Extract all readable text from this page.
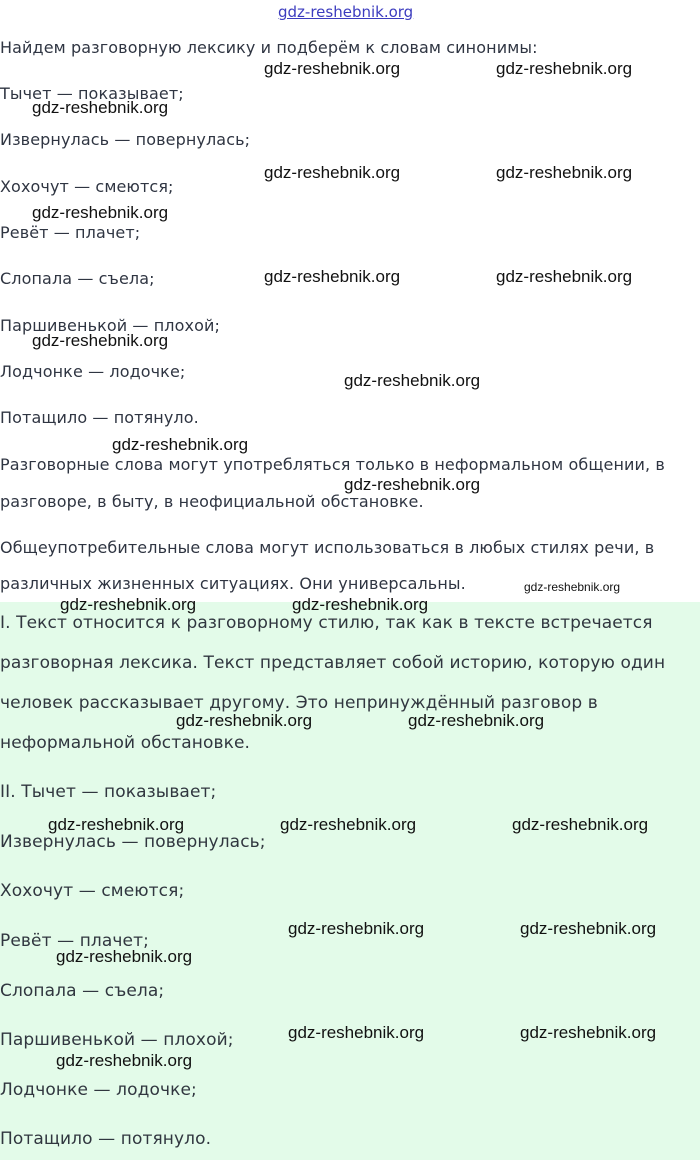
gdz-reshebnik.org
Найдем разговорную лексику и подберём к словам синонимы:
Тычет — показывает;
Извернулась — повернулась;
Хохочут — смеются;
Ревёт — плачет;
Слопала — съела;
Паршивенькой — плохой;
Лодчонке — лодочке;
Потащило — потянуло.
Разговорные слова могут употребляться только в неформальном общении, в
разговоре, в быту, в неофициальной обстановке.
Общеупотребительные слова могут использоваться в любых стилях речи, в
различных жизненных ситуациях. Они универсальны.
I. Текст относится к разговорному стилю, так как в тексте встречается
разговорная лексика. Текст представляет собой историю, которую один
человек рассказывает другому. Это непринуждённый разговор в
неформальной обстановке.
II. Тычет — показывает;
Извернулась — повернулась;
Хохочут — смеются;
Ревёт — плачет;
Слопала — съела;
Паршивенькой — плохой;
Лодчонке — лодочке;
Потащило — потянуло.
gdz-reshebnik.org	gdz-reshebnik.org
gdz-reshebnik.org
gdz-reshebnik.org	gdz-reshebnik.org
gdz-reshebnik.org
gdz-reshebnik.org	gdz-reshebnik.org
gdz-reshebnik.org
gdz-reshebnik.org
gdz-reshebnik.org
gdz-reshebnik.org
gdz-reshebnik.org
gdz-reshebnik.org	gdz-reshebnik.org
gdz-reshebnik.org	gdz-reshebnik.org
gdz-reshebnik.org	gdz-reshebnik.org	gdz-reshebnik.org
gdz-reshebnik.org	gdz-reshebnik.org
gdz-reshebnik.org
gdz-reshebnik.org	gdz-reshebnik.org
gdz-reshebnik.org
